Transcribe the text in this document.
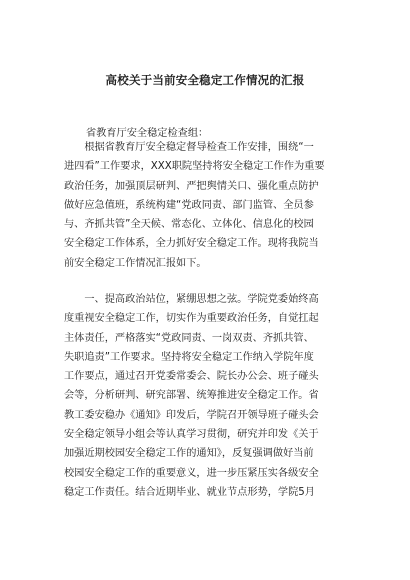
高校关于当前安全稳定工作情况的汇报
省教育厅安全稳定检查组：
　　根据省教育厅安全稳定督导检查工作安排，围绕“一
进四看”工作要求，XXX职院坚持将安全稳定工作作为重要
政治任务，加强顶层研判、严把舆情关口、强化重点防护
做好应急值班，系统构建“党政同责、部门监管、全员参
与、齐抓共管”全天候、常态化、立体化、信息化的校园
安全稳定工作体系，全力抓好安全稳定工作。现将我院当
前安全稳定工作情况汇报如下。
　　一、提高政治站位，紧绷思想之弦。学院党委始终高
度重视安全稳定工作，切实作为重要政治任务，自觉扛起
主体责任，严格落实“党政同责、一岗双责、齐抓共管、
失职追责”工作要求。坚持将安全稳定工作纳入学院年度
工作要点，通过召开党委常委会、院长办公会、班子碰头
会等，分析研判、研究部署、统筹推进安全稳定工作。省
教工委安稳办《通知》印发后，学院召开领导班子碰头会
安全稳定领导小组会等认真学习贯彻，研究并印发《关于
加强近期校园安全稳定工作的通知》，反复强调做好当前
校园安全稳定工作的重要意义，进一步压紧压实各级安全
稳定工作责任。结合近期毕业、就业节点形势，学院5月
